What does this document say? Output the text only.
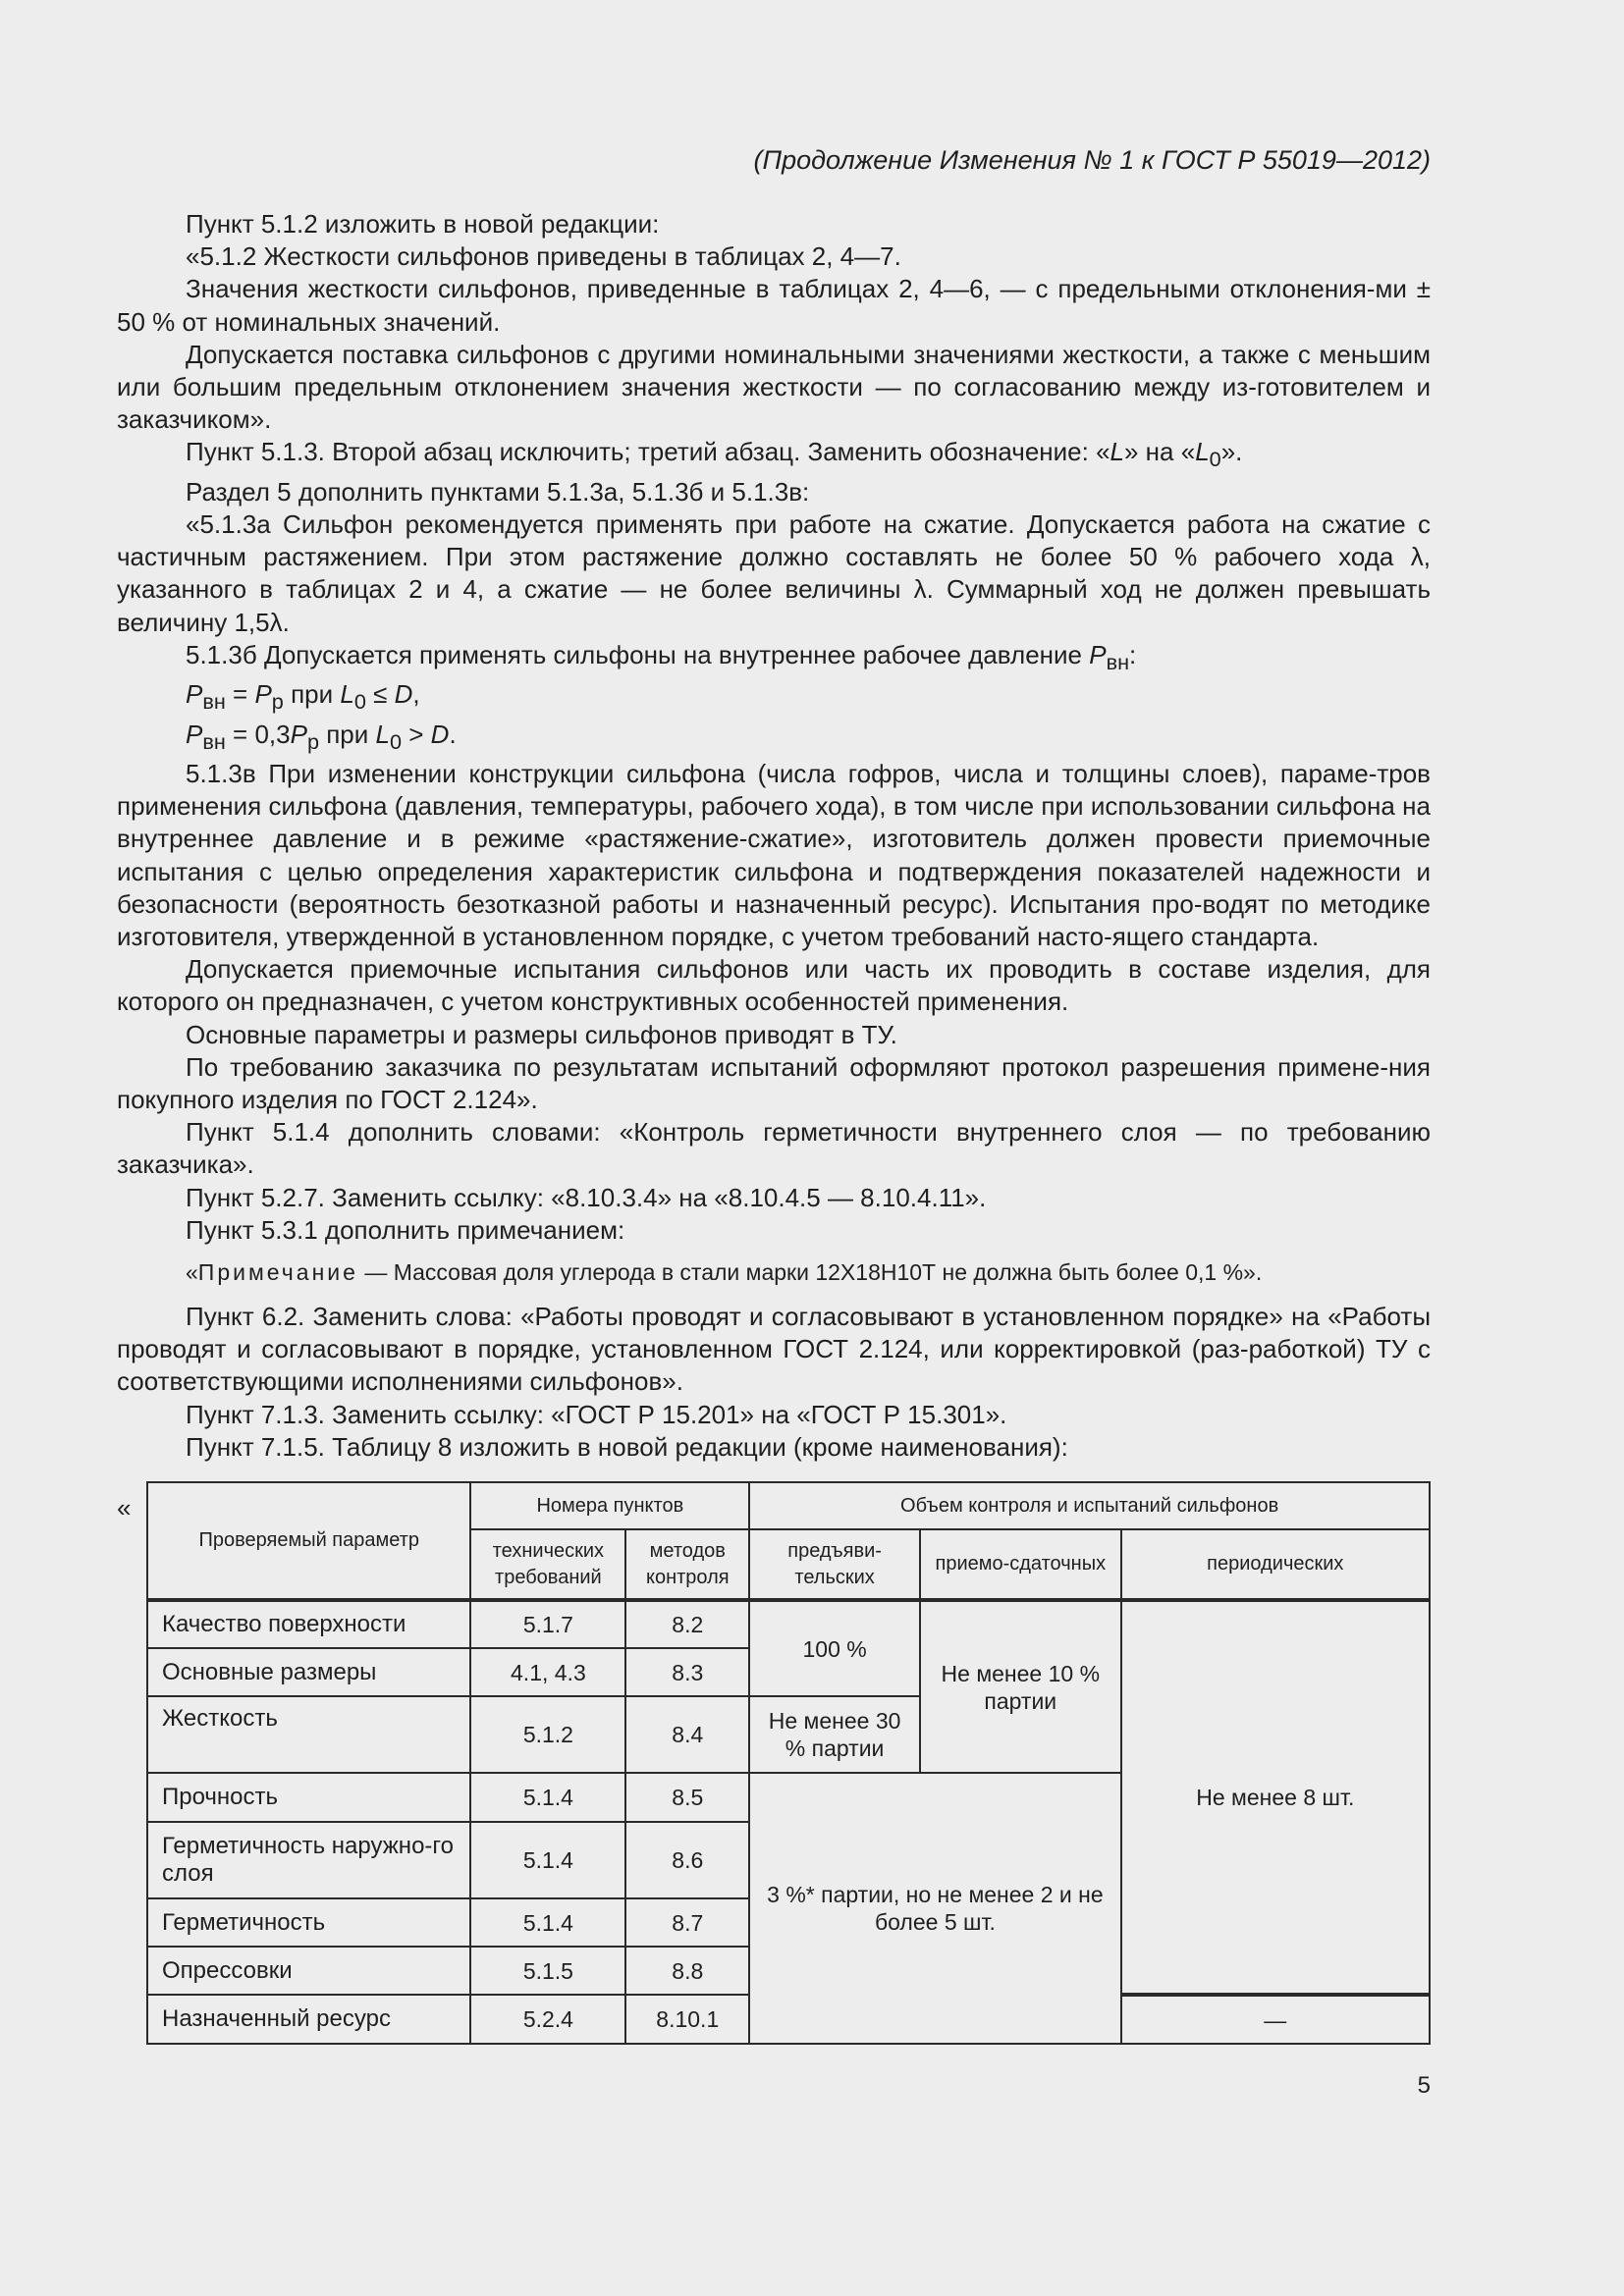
(Продолжение Изменения № 1 к ГОСТ Р 55019—2012)

Пункт 5.1.2 изложить в новой редакции:

«5.1.2 Жесткости сильфонов приведены в таблицах 2, 4—7.

Значения жесткости сильфонов, приведенные в таблицах 2, 4—6, — с предельными отклонения-ми ± 50 % от номинальных значений.

Допускается поставка сильфонов с другими номинальными значениями жесткости, а также с меньшим или большим предельным отклонением значения жесткости — по согласованию между из-готовителем и заказчиком».

Пункт 5.1.3. Второй абзац исключить; третий абзац. Заменить обозначение: «L» на «$L_0$».

Раздел 5 дополнить пунктами 5.1.3а, 5.1.3б и 5.1.3в:

«5.1.3а Сильфон рекомендуется применять при работе на сжатие. Допускается работа на сжатие с частичным растяжением. При этом растяжение должно составлять не более 50 % рабочего хода λ, указанного в таблицах 2 и 4, а сжатие — не более величины λ. Суммарный ход не должен превышать величину 1,5λ.

5.1.3б Допускается применять сильфоны на внутреннее рабочее давление $P_{вн}$:

$P_{вн} = P_р$ при $L_0 \le D$,

$P_{вн} = 0,3P_р$ при $L_0 > D$.

5.1.3в При изменении конструкции сильфона (числа гофров, числа и толщины слоев), параме-тров применения сильфона (давления, температуры, рабочего хода), в том числе при использовании сильфона на внутреннее давление и в режиме «растяжение-сжатие», изготовитель должен провести приемочные испытания с целью определения характеристик сильфона и подтверждения показателей надежности и безопасности (вероятность безотказной работы и назначенный ресурс). Испытания про-водят по методике изготовителя, утвержденной в установленном порядке, с учетом требований насто-ящего стандарта.

Допускается приемочные испытания сильфонов или часть их проводить в составе изделия, для которого он предназначен, с учетом конструктивных особенностей применения.

Основные параметры и размеры сильфонов приводят в ТУ.

По требованию заказчика по результатам испытаний оформляют протокол разрешения примене-ния покупного изделия по ГОСТ 2.124».

Пункт 5.1.4 дополнить словами: «Контроль герметичности внутреннего слоя — по требованию заказчика».

Пункт 5.2.7. Заменить ссылку: «8.10.3.4» на «8.10.4.5 — 8.10.4.11».

Пункт 5.3.1 дополнить примечанием:

«Примечание — Массовая доля углерода в стали марки 12Х18Н10Т не должна быть более 0,1 %».

Пункт 6.2. Заменить слова: «Работы проводят и согласовывают в установленном порядке» на «Работы проводят и согласовывают в порядке, установленном ГОСТ 2.124, или корректировкой (раз-работкой) ТУ с соответствующими исполнениями сильфонов».

Пункт 7.1.3. Заменить ссылку: «ГОСТ Р 15.201» на «ГОСТ Р 15.301».

Пункт 7.1.5. Таблицу 8 изложить в новой редакции (кроме наименования):

«
Проверяемый параметр	Номера пунктов		Объем контроля и испытаний сильфонов		
	технических требований	методов контроля	предъяви-тельских	приемо-сдаточных	периодических
Качество поверхности	5.1.7	8.2	100 %	Не менее 10 % партии	Не менее 8 шт.
Основные размеры	4.1, 4.3	8.3			
Жесткость	5.1.2	8.4	Не менее 30 % партии		
Прочность	5.1.4	8.5	3 %* партии, но не менее 2 и не более 5 шт.		
Герметичность наружно-го слоя	5.1.4	8.6			
Герметичность	5.1.4	8.7			
Опрессовки	5.1.5	8.8			
Назначенный ресурс	5.2.4	8.10.1			—
5
